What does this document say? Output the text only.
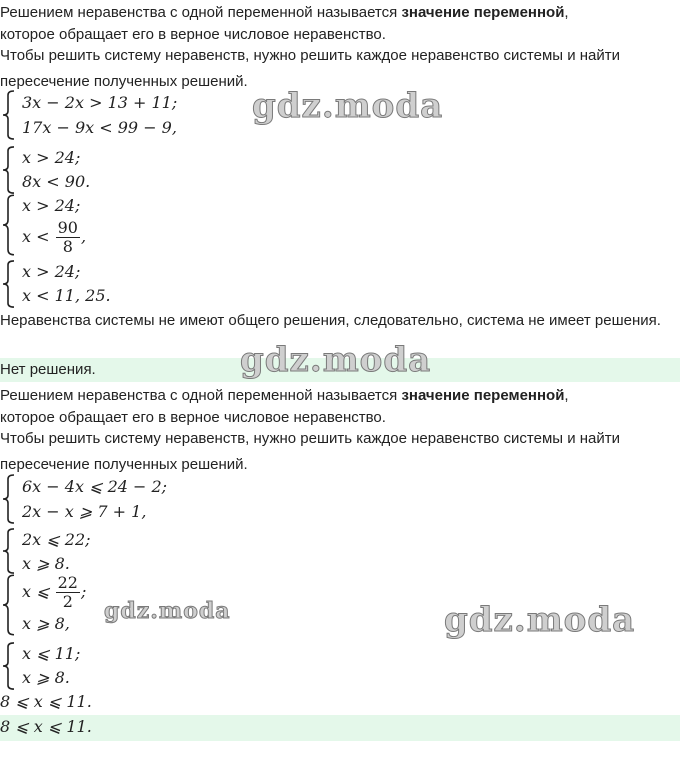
Решением неравенства с одной переменной называется значение переменной,
которое обращает его в верное числовое неравенство.
Чтобы решить систему неравенств, нужно решить каждое неравенство системы и найти пересечение полученных решений.
3x − 2x > 13 + 11;
17x − 9x < 99 − 9,
x > 24;
8x < 90.
x > 24;
$x < \frac{90}{8}$ ,
x > 24;
x < 11, 25.
Неравенства системы не имеют общего решения, следовательно, система не имеет решения.
Нет решения.
Решением неравенства с одной переменной называется значение переменной,
которое обращает его в верное числовое неравенство.
Чтобы решить систему неравенств, нужно решить каждое неравенство системы и найти пересечение полученных решений.
6x − 4x ⩽ 24 − 2;
2x − x ⩾ 7 + 1,
2x ⩽ 22;
x ⩾ 8.
x ⩽ $\frac{22}{2}$ ;
x ⩾ 8,
x ⩽ 11;
x ⩾ 8.
8 ⩽ x ⩽ 11.
8 ⩽ x ⩽ 11.
gdz.moda
gdz.moda
gdz.moda	gdz.moda
